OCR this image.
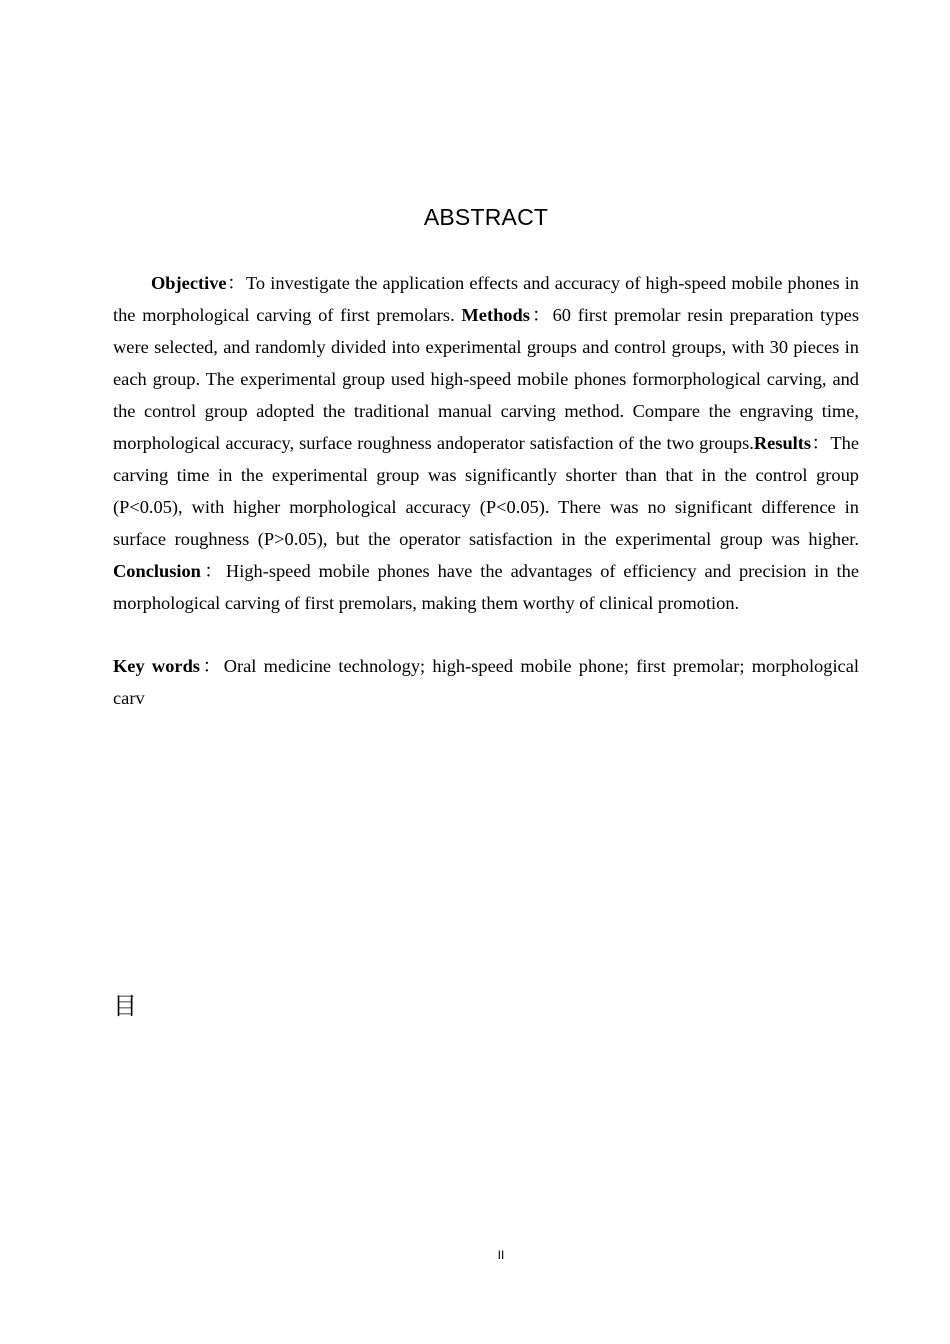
ABSTRACT

Objective：To investigate the application effects and accuracy of high-speed mobile phones in the morphological carving of first premolars. Methods：60 first premolar resin preparation types were selected, and randomly divided into experimental groups and control groups, with 30 pieces in each group. The experimental group used high-speed mobile phones formorphological carving, and the control group adopted the traditional manual carving method. Compare the engraving time, morphological accuracy, surface roughness andoperator satisfaction of the two groups.Results：The carving time in the experimental group was significantly shorter than that in the control group (P<0.05), with higher morphological accuracy (P<0.05). There was no significant difference in surface roughness (P>0.05), but the operator satisfaction in the experimental group was higher. Conclusion：High-speed mobile phones have the advantages of efficiency and precision in the morphological carving of first premolars, making them worthy of clinical promotion.

Key words：Oral medicine technology; high-speed mobile phone; first premolar; morphological carv
目
II
